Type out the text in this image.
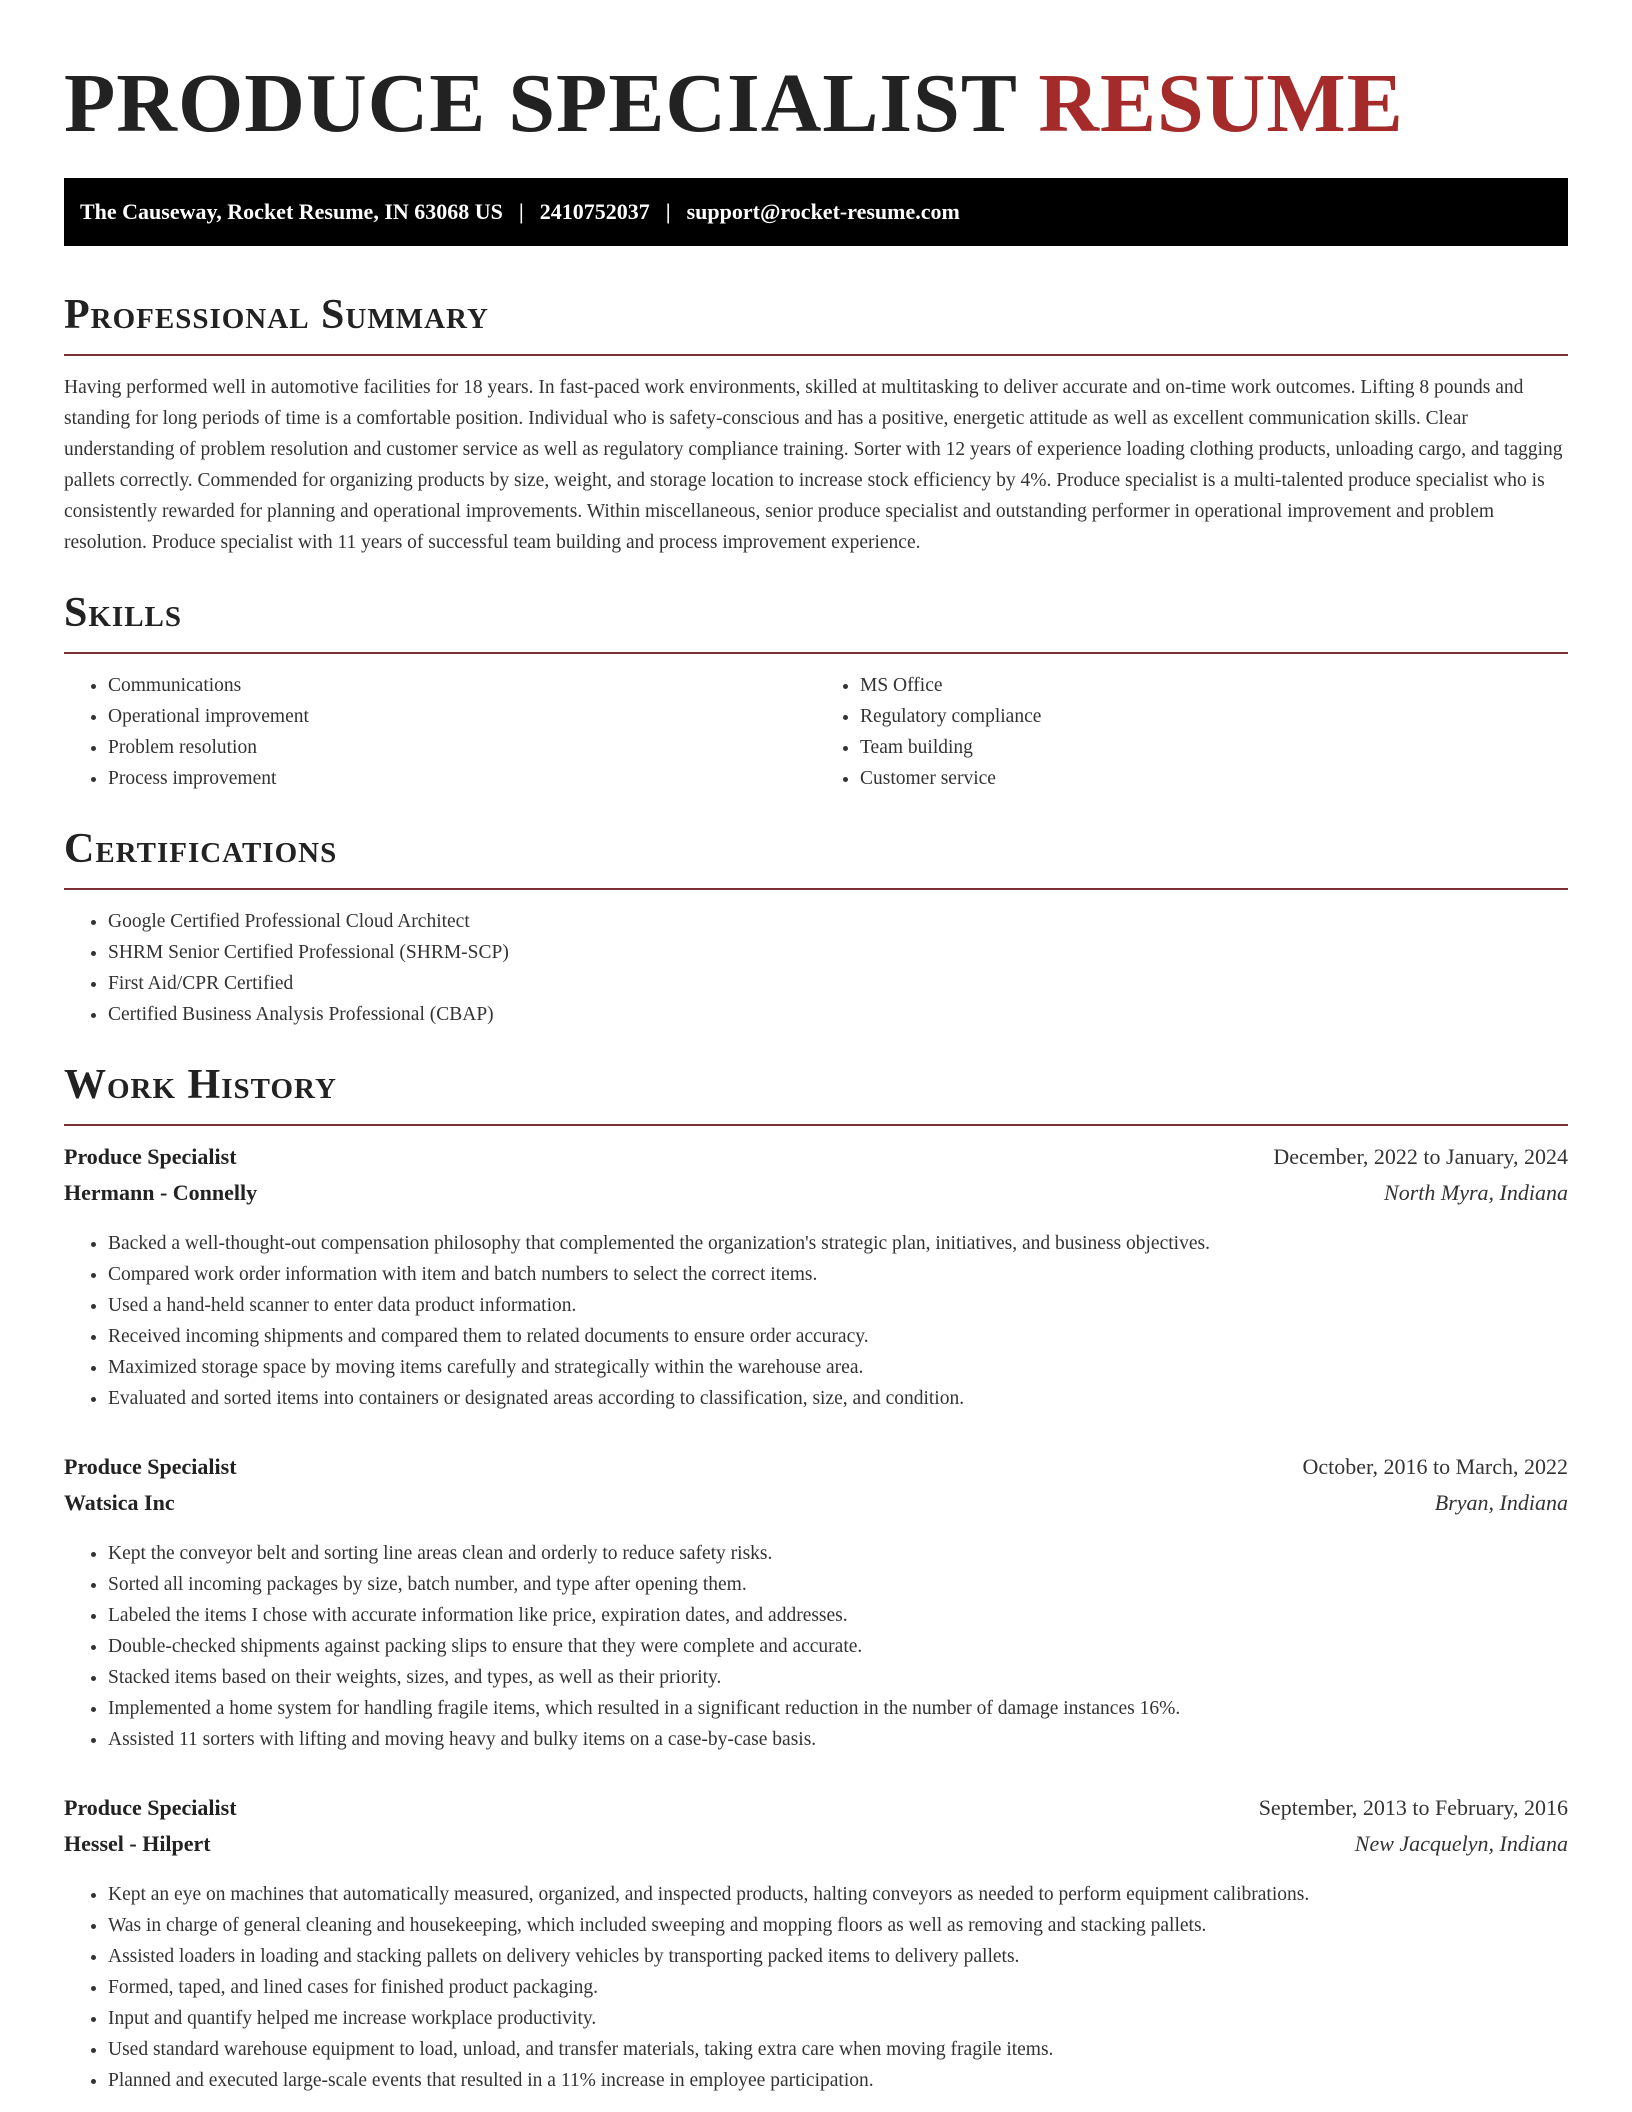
PRODUCE SPECIALIST RESUME
The Causeway, Rocket Resume, IN 63068 US | 2410752037 | support@rocket-resume.com
Professional Summary

Having performed well in automotive facilities for 18 years. In fast-paced work environments, skilled at multitasking to deliver accurate and on-time work outcomes. Lifting 8 pounds and standing for long periods of time is a comfortable position. Individual who is safety-conscious and has a positive, energetic attitude as well as excellent communication skills. Clear understanding of problem resolution and customer service as well as regulatory compliance training. Sorter with 12 years of experience loading clothing products, unloading cargo, and tagging pallets correctly. Commended for organizing products by size, weight, and storage location to increase stock efficiency by 4%. Produce specialist is a multi-talented produce specialist who is consistently rewarded for planning and operational improvements. Within miscellaneous, senior produce specialist and outstanding performer in operational improvement and problem resolution. Produce specialist with 11 years of successful team building and process improvement experience.

Skills
• Communications
• Operational improvement
• Problem resolution
• Process improvement
• MS Office
• Regulatory compliance
• Team building
• Customer service
Certifications
• Google Certified Professional Cloud Architect
• SHRM Senior Certified Professional (SHRM-SCP)
• First Aid/CPR Certified
• Certified Business Analysis Professional (CBAP)
Work History
Produce Specialist	December, 2022 to January, 2024
Hermann - Connelly	North Myra, Indiana
• Backed a well-thought-out compensation philosophy that complemented the organization's strategic plan, initiatives, and business objectives.
• Compared work order information with item and batch numbers to select the correct items.
• Used a hand-held scanner to enter data product information.
• Received incoming shipments and compared them to related documents to ensure order accuracy.
• Maximized storage space by moving items carefully and strategically within the warehouse area.
• Evaluated and sorted items into containers or designated areas according to classification, size, and condition.
Produce Specialist	October, 2016 to March, 2022
Watsica Inc	Bryan, Indiana
• Kept the conveyor belt and sorting line areas clean and orderly to reduce safety risks.
• Sorted all incoming packages by size, batch number, and type after opening them.
• Labeled the items I chose with accurate information like price, expiration dates, and addresses.
• Double-checked shipments against packing slips to ensure that they were complete and accurate.
• Stacked items based on their weights, sizes, and types, as well as their priority.
• Implemented a home system for handling fragile items, which resulted in a significant reduction in the number of damage instances 16%.
• Assisted 11 sorters with lifting and moving heavy and bulky items on a case-by-case basis.
Produce Specialist	September, 2013 to February, 2016
Hessel - Hilpert	New Jacquelyn, Indiana
• Kept an eye on machines that automatically measured, organized, and inspected products, halting conveyors as needed to perform equipment calibrations.
• Was in charge of general cleaning and housekeeping, which included sweeping and mopping floors as well as removing and stacking pallets.
• Assisted loaders in loading and stacking pallets on delivery vehicles by transporting packed items to delivery pallets.
• Formed, taped, and lined cases for finished product packaging.
• Input and quantify helped me increase workplace productivity.
• Used standard warehouse equipment to load, unload, and transfer materials, taking extra care when moving fragile items.
• Planned and executed large-scale events that resulted in a 11% increase in employee participation.
